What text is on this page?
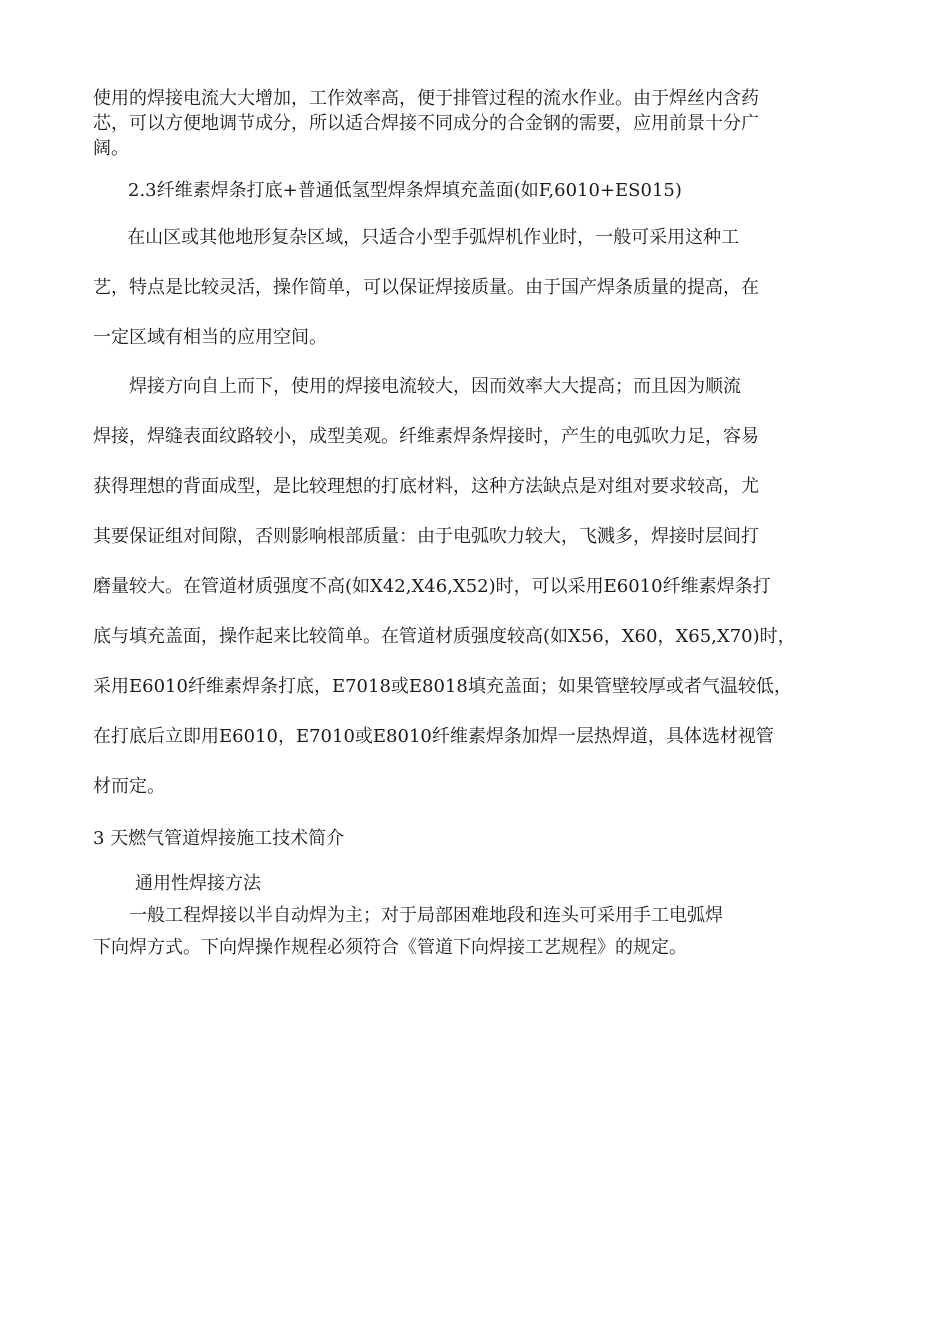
使用的焊接电流大大增加，工作效率高，便于排管过程的流水作业。由于焊丝内含药

芯，可以方便地调节成分，所以适合焊接不同成分的合金钢的需要，应用前景十分广

阔。

2.3纤维素焊条打底+普通低氢型焊条焊填充盖面(如F,6010+ES015)

在山区或其他地形复杂区域，只适合小型手弧焊机作业时，一般可采用这种工

艺，特点是比较灵活，操作简单，可以保证焊接质量。由于国产焊条质量的提高，在

一定区域有相当的应用空间。

焊接方向自上而下，使用的焊接电流较大，因而效率大大提高；而且因为顺流

焊接，焊缝表面纹路较小，成型美观。纤维素焊条焊接时，产生的电弧吹力足，容易

获得理想的背面成型，是比较理想的打底材料，这种方法缺点是对组对要求较高，尤

其要保证组对间隙，否则影响根部质量：由于电弧吹力较大，飞溅多，焊接时层间打

磨量较大。在管道材质强度不高(如X42,X46,X52)时，可以采用E6010纤维素焊条打

底与填充盖面，操作起来比较简单。在管道材质强度较高(如X56，X60，X65,X70)时，

采用E6010纤维素焊条打底，E7018或E8018填充盖面；如果管壁较厚或者气温较低，

在打底后立即用E6010，E7010或E8010纤维素焊条加焊一层热焊道，具体选材视管

材而定。

3 天燃气管道焊接施工技术简介

通用性焊接方法

一般工程焊接以半自动焊为主；对于局部困难地段和连头可采用手工电弧焊

下向焊方式。下向焊操作规程必须符合《管道下向焊接工艺规程》的规定。
